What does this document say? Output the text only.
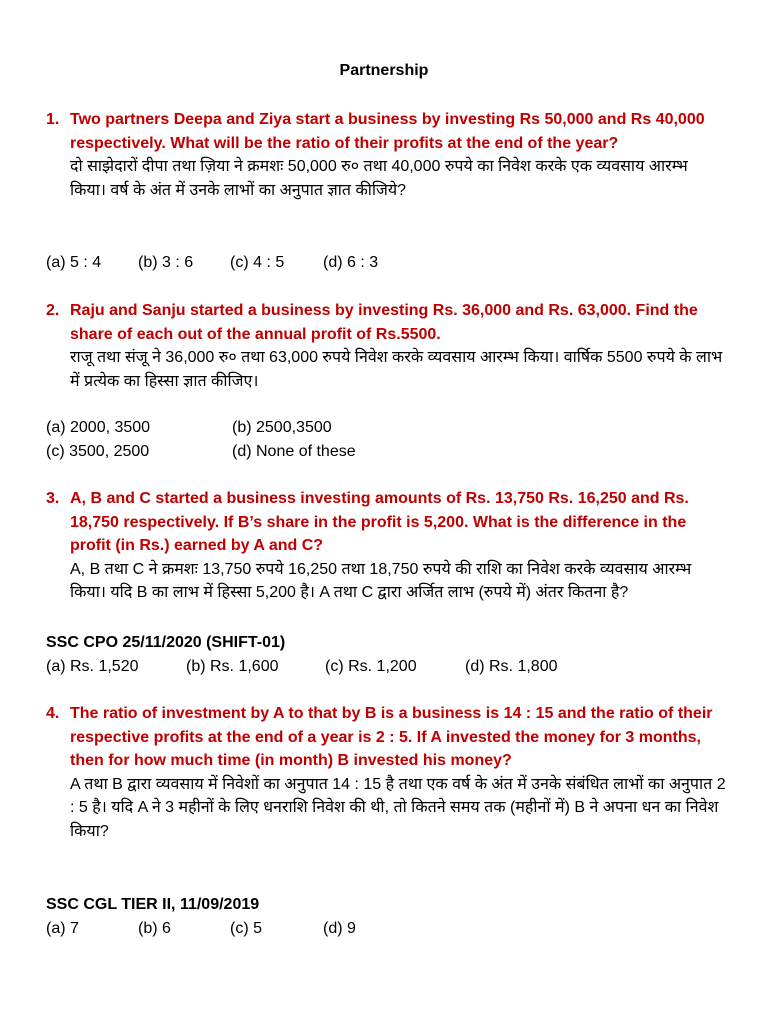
Partnership
1. Two partners Deepa and Ziya start a business by investing Rs 50,000 and Rs 40,000 respectively. What will be the ratio of their profits at the end of the year?
दो साझेदारों दीपा तथा ज़िया ने क्रमशः 50,000 रु० तथा 40,000 रुपये का निवेश करके एक व्यवसाय आरम्भ किया। वर्ष के अंत में उनके लाभों का अनुपात ज्ञात कीजिये?
(a) 5 : 4	(b) 3 : 6	(c) 4 : 5	(d) 6 : 3
2. Raju and Sanju started a business by investing Rs. 36,000 and Rs. 63,000. Find the share of each out of the annual profit of Rs.5500.
राजू तथा संजू ने 36,000 रु० तथा 63,000 रुपये निवेश करके व्यवसाय आरम्भ किया। वार्षिक 5500 रुपये के लाभ में प्रत्येक का हिस्सा ज्ञात कीजिए।
(a) 2000, 3500	(b) 2500,3500
(c) 3500, 2500	(d) None of these
3. A, B and C started a business investing amounts of Rs. 13,750 Rs. 16,250 and Rs. 18,750 respectively. If B’s share in the profit is 5,200. What is the difference in the profit (in Rs.) earned by A and C?
A, B तथा C ने क्रमशः 13,750 रुपये 16,250 तथा 18,750 रुपये की राशि का निवेश करके व्यवसाय आरम्भ किया। यदि B का लाभ में हिस्सा 5,200 है। A तथा C द्वारा अर्जित लाभ (रुपये में) अंतर कितना है?
SSC CPO 25/11/2020 (SHIFT-01)
(a) Rs. 1,520	(b) Rs. 1,600	(c) Rs. 1,200	(d) Rs. 1,800
4. The ratio of investment by A to that by B is a business is 14 : 15 and the ratio of their respective profits at the end of a year is 2 : 5. If A invested the money for 3 months, then for how much time (in month) B invested his money?
A तथा B द्वारा व्यवसाय में निवेशों का अनुपात 14 : 15 है तथा एक वर्ष के अंत में उनके संबंधित लाभों का अनुपात 2 : 5 है। यदि A ने 3 महीनों के लिए धनराशि निवेश की थी, तो कितने समय तक (महीनों में) B ने अपना धन का निवेश किया?
SSC CGL TIER II, 11/09/2019
(a) 7	(b) 6	(c) 5	(d) 9
